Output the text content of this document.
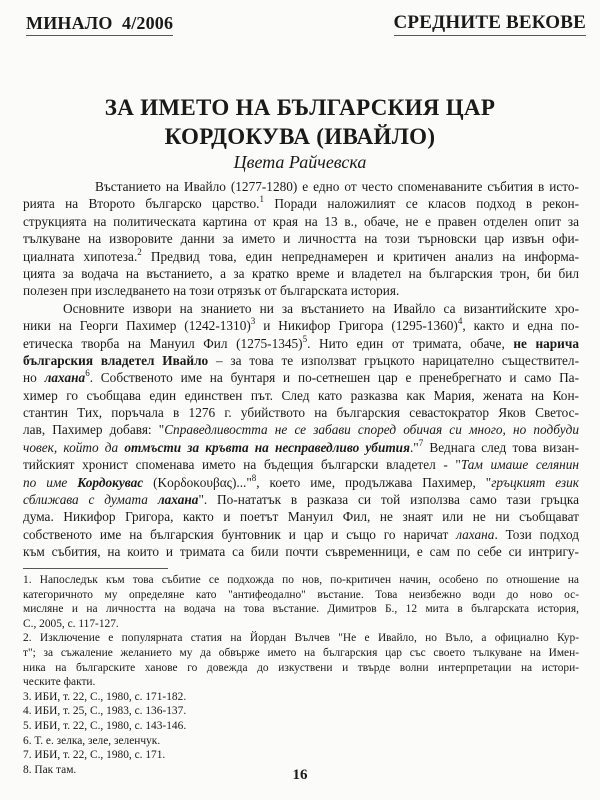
МИНАЛО  4/2006	СРЕДНИТЕ ВЕКОВЕ
ЗА ИМЕТО НА БЪЛГАРСКИЯ ЦАР
КОРДОКУВА (ИВАЙЛО)
Цвета Райчевска
Въстанието на Ивайло (1277-1280) е едно от често споменаваните събития в исто-
рията на Второто българско царство.$^1$ Поради наложилият се класов подход в рекон-
струкцията на политическата картина от края на 13 в., обаче, не е правен отделен опит за
тълкуване на изворовите данни за името и личността на този търновски цар извън офи-
циалната хипотеза.$^2$ Предвид това, един непреднамерен и критичен анализ на информа-
цията за водача на въстанието, а за кратко време и владетел на българския трон, би бил
полезен при изследването на този отрязък от българската история.
Основните извори на знанието ни за въстанието на Ивайло са византийските хро-
ники на Георги Пахимер (1242-1310)$^3$ и Никифор Григора (1295-1360)$^4$, както и една по-
етическа творба на Мануил Фил (1275-1345)$^5$. Нито един от тримата, обаче, не нарича
българския владетел Ивайло – за това те използват гръцкото нарицателно съществител-
но лахана$^6$. Собственото име на бунтаря и по-сетнешен цар е пренебрегнато и само Па-
химер го съобщава един единствен път. След като разказва как Мария, жената на Кон-
стантин Тих, поръчала в 1276 г. убийството на българския севастократор Яков Светос-
лав, Пахимер добавя: "Справедливостта не се забави според обичая си много, но подбуди
човек, който да отмъсти за кръвта на несправедливо убития."$^7$ Веднага след това визан-
тийският хронист споменава името на бъдещия български владетел - "Там имаше селянин
по име Кордокувас (Κορδοκουβας)..."$^8$, което име, продължава Пахимер, "гръцкият език
сближава с думата лахана". По-нататък в разказа си той използва само тази гръцка
дума. Никифор Григора, както и поетът Мануил Фил, не знаят или не ни съобщават
собственото име на българския бунтовник и цар и също го наричат лахана. Този подход
към събития, на които и тримата са били почти съвременници, е сам по себе си интригу-
1. Напоследък към това събитие се подхожда по нов, по-критичен начин, особено по отношение на
категоричното му определяне като "антифеодално" въстание. Това неизбежно води до ново ос-
мисляне и на личността на водача на това въстание. Димитров Б., 12 мита в българската история,
С., 2005, с. 117-127.
2. Изключение е популярната статия на Йордан Вълчев "Не е Ивайло, но Въло, а официално Кур-
т"; за съжаление желанието му да обвърже името на българския цар със своето тълкуване на Имен-
ника на българските ханове го довежда до изкуствени и твърде волни интерпретации на истори-
ческите факти.
3. ИБИ, т. 22, С., 1980, с. 171-182.
4. ИБИ, т. 25, С., 1983, с. 136-137.
5. ИБИ, т. 22, С., 1980, с. 143-146.
6. Т. е. зелка, зеле, зеленчук.
7. ИБИ, т. 22, С., 1980, с. 171.
8. Пак там.	16
